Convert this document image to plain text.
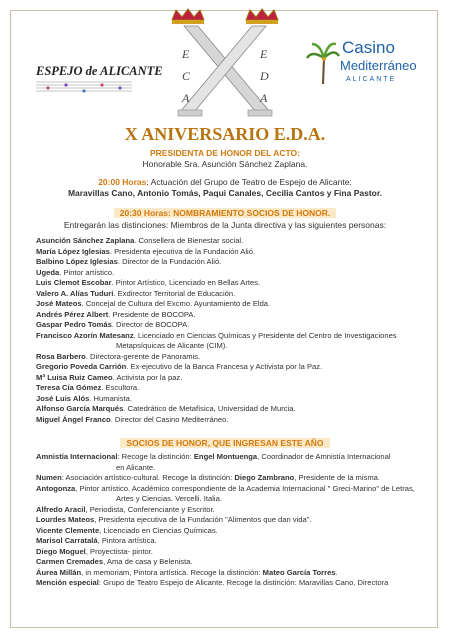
ESPEJO de ALICANTE
E
C
A
E
D
A
Casino
Mediterráneo
ALICANTE
X ANIVERSARIO E.D.A.
PRESIDENTA DE HONOR DEL ACTO:
Honorable Sra. Asunción Sánchez Zaplana.
20:00 Horas: Actuación del Grupo de Teatro de Espejo de Alicante:
Maravillas Cano, Antonio Tomás, Paqui Canales, Cecilia Cantos y Fina Pastor.
20:30 Horas: NOMBRAMIENTO SOCIOS DE HONOR.
Entregarán las distinciones: Miembros de la Junta directiva y las siguientes personas:
Asunción Sánchez Zaplana. Consellera de Bienestar social.
María López Iglesias. Presidenta ejecutiva de la Fundación Alió.
Balbino López Iglesias. Director de la Fundación Alió.
Ugeda. Pintor artístico.
Luis Clemot Escobar. Pintor Artístico, Licenciado en Bellas Artes.
Valero A. Alías Tudurí. Exdirector Territorial de Educación.
José Mateos. Concejal de Cultura del Excmo. Ayuntamiento de Elda.
Andrés Pérez Albert. Presidente de BOCOPA.
Gaspar Pedro Tomás. Director de BOCOPA.
Francisco Azorín Matesanz. Licenciado en Ciencias Químicas y Presidente del Centro de Investigaciones
Metapsíquicas de Alicante (CIM).
Rosa Barbero. Directora-gerente de Panoramis.
Gregorio Poveda Carrión. Ex-ejecutivo de la Banca Francesa y Activista por la Paz.
Mª Luisa Ruiz Cameo. Activista por la paz.
Teresa Cía Gómez. Escultora.
José Luis Alós. Humanista.
Alfonso García Marqués. Catedrático de Metafísica, Universidad de Murcia.
Miguel Ángel Franco. Director del Casino Mediterráneo.
SOCIOS DE HONOR, QUE INGRESAN ESTE AÑO
Amnistía Internacional: Recoge la distinción: Engel Montuenga, Coordinador de Amnistía Internacional
en Alicante.
Numen: Asociación artístico-cultural. Recoge la distinción: Diego Zambrano, Presidente de la misma.
Antogonza, Pintor artístico. Académico correspondiente de la Academia Internacional " Greci-Marino" de Letras,
Artes y Ciencias. Vercelli. Italia.
Alfredo Aracil, Periodista, Conferenciante y Escritor.
Lourdes Mateos, Presidenta ejecutiva de la Fundación "Alimentos que dan vida".
Vicente Clemente, Licenciado en Ciencias Químicas.
Marisol Carratalá, Pintora artística.
Diego Moguel, Proyectista- pintor.
Carmen Cremades, Ama de casa y Belenista.
Áurea Millán, in memoriam, Pintora artística. Recoge la distinción: Mateo García Torres.
Mención especial: Grupo de Teatro Espejo de Alicante. Recoge la distinción: Maravillas Cano, Directora
